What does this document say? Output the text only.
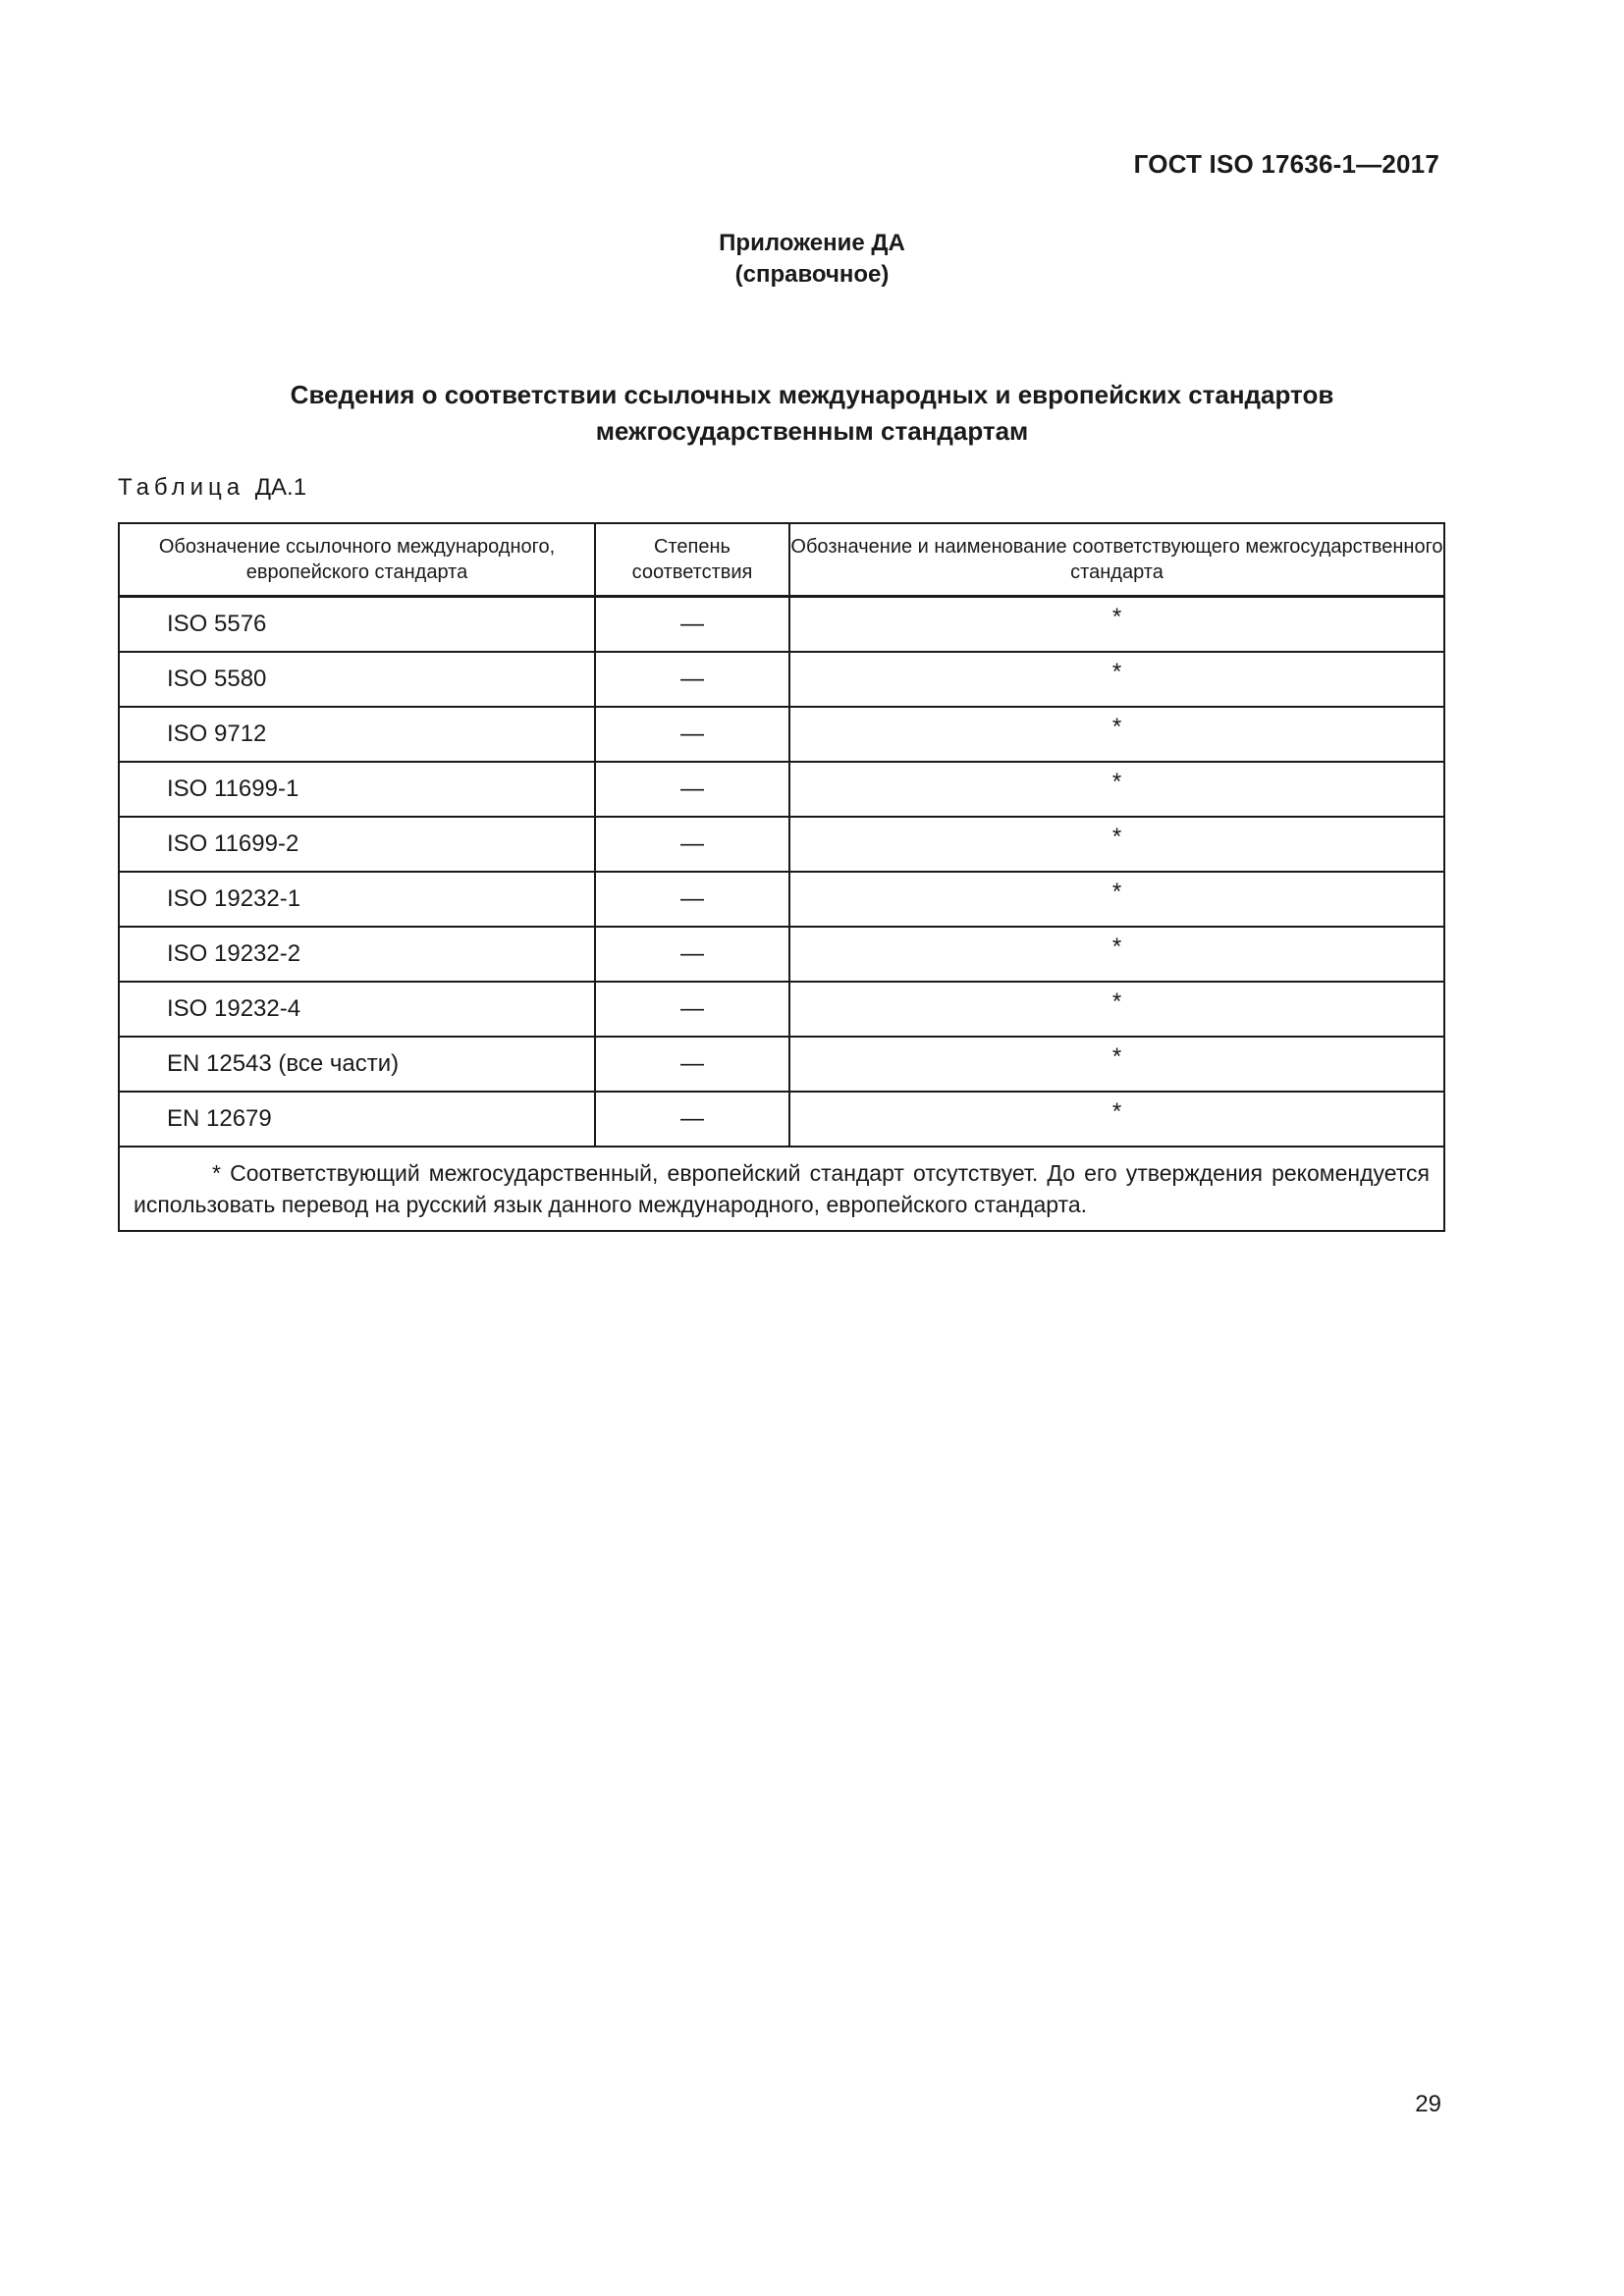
ГОСТ ISO 17636-1—2017
Приложение ДА
(справочное)
Сведения о соответствии ссылочных международных и европейских стандартов
межгосударственным стандартам
Таблица ДА.1
Обозначение ссылочного международного, европейского стандарта	Степень соответствия	Обозначение и наименование соответствующего межгосударственного стандарта
ISO 5576	—	*
ISO 5580	—	*
ISO 9712	—	*
ISO 11699-1	—	*
ISO 11699-2	—	*
ISO 19232-1	—	*
ISO 19232-2	—	*
ISO 19232-4	—	*
EN 12543 (все части)	—	*
EN 12679	—	*
* Соответствующий межгосударственный, европейский стандарт отсутствует. До его утверждения рекомендуется использовать перевод на русский язык данного международного, европейского стандарта.		
29
